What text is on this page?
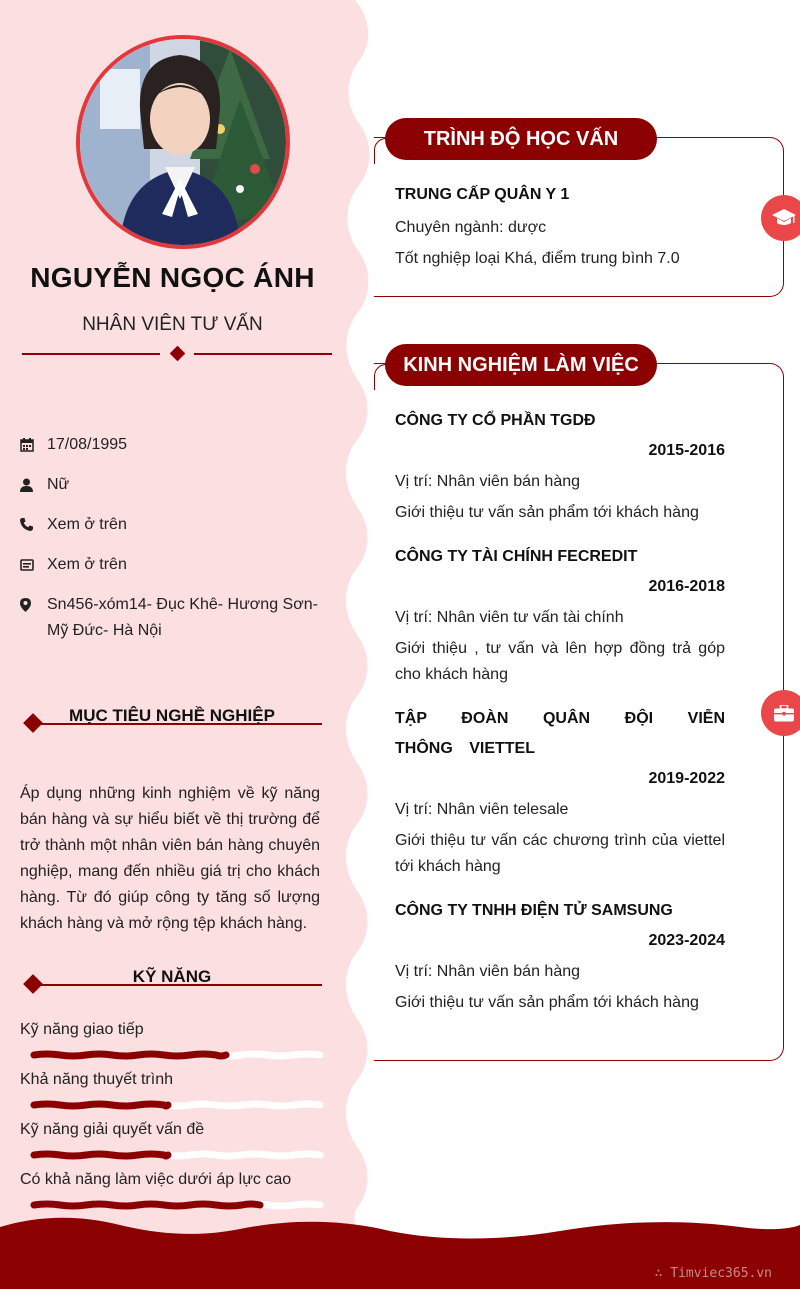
NGUYỄN NGỌC ÁNH
NHÂN VIÊN TƯ VẤN
17/08/1995
Nữ
Xem ở trên
Xem ở trên
Sn456-xóm14- Đục Khê- Hương Sơn- Mỹ Đức- Hà Nội
MỤC TIÊU NGHỀ NGHIỆP
Áp dụng những kinh nghiệm về kỹ năng bán hàng và sự hiểu biết về thị trường để trở thành một nhân viên bán hàng chuyên nghiệp, mang đến nhiều giá trị cho khách hàng. Từ đó giúp công ty tăng số lượng khách hàng và mở rộng tệp khách hàng.
KỸ NĂNG
Kỹ năng giao tiếp
Khả năng thuyết trình
Kỹ năng giải quyết vấn đề
Có khả năng làm việc dưới áp lực cao
TRÌNH ĐỘ HỌC VẤN
TRUNG CẤP QUÂN Y 1
Chuyên ngành: dược
Tốt nghiệp loại Khá, điểm trung bình 7.0
KINH NGHIỆM LÀM VIỆC
CÔNG TY CỔ PHẦN TGDĐ
2015-2016
Vị trí: Nhân viên bán hàng
Giới thiệu tư vấn sản phẩm tới khách hàng
CÔNG TY TÀI CHÍNH FECREDIT
2016-2018
Vị trí: Nhân viên tư vấn tài chính
Giới thiệu , tư vấn và lên hợp đồng trả góp cho khách hàng
TẬP ĐOÀN QUÂN ĐỘI VIỄN THÔNG VIETTEL
2019-2022
Vị trí: Nhân viên telesale
Giới thiệu tư vấn các chương trình của viettel tới khách hàng
CÔNG TY TNHH ĐIỆN TỬ SAMSUNG
2023-2024
Vị trí: Nhân viên bán hàng
Giới thiệu tư vấn sản phẩm tới khách hàng
∴ Timviec365.vn
